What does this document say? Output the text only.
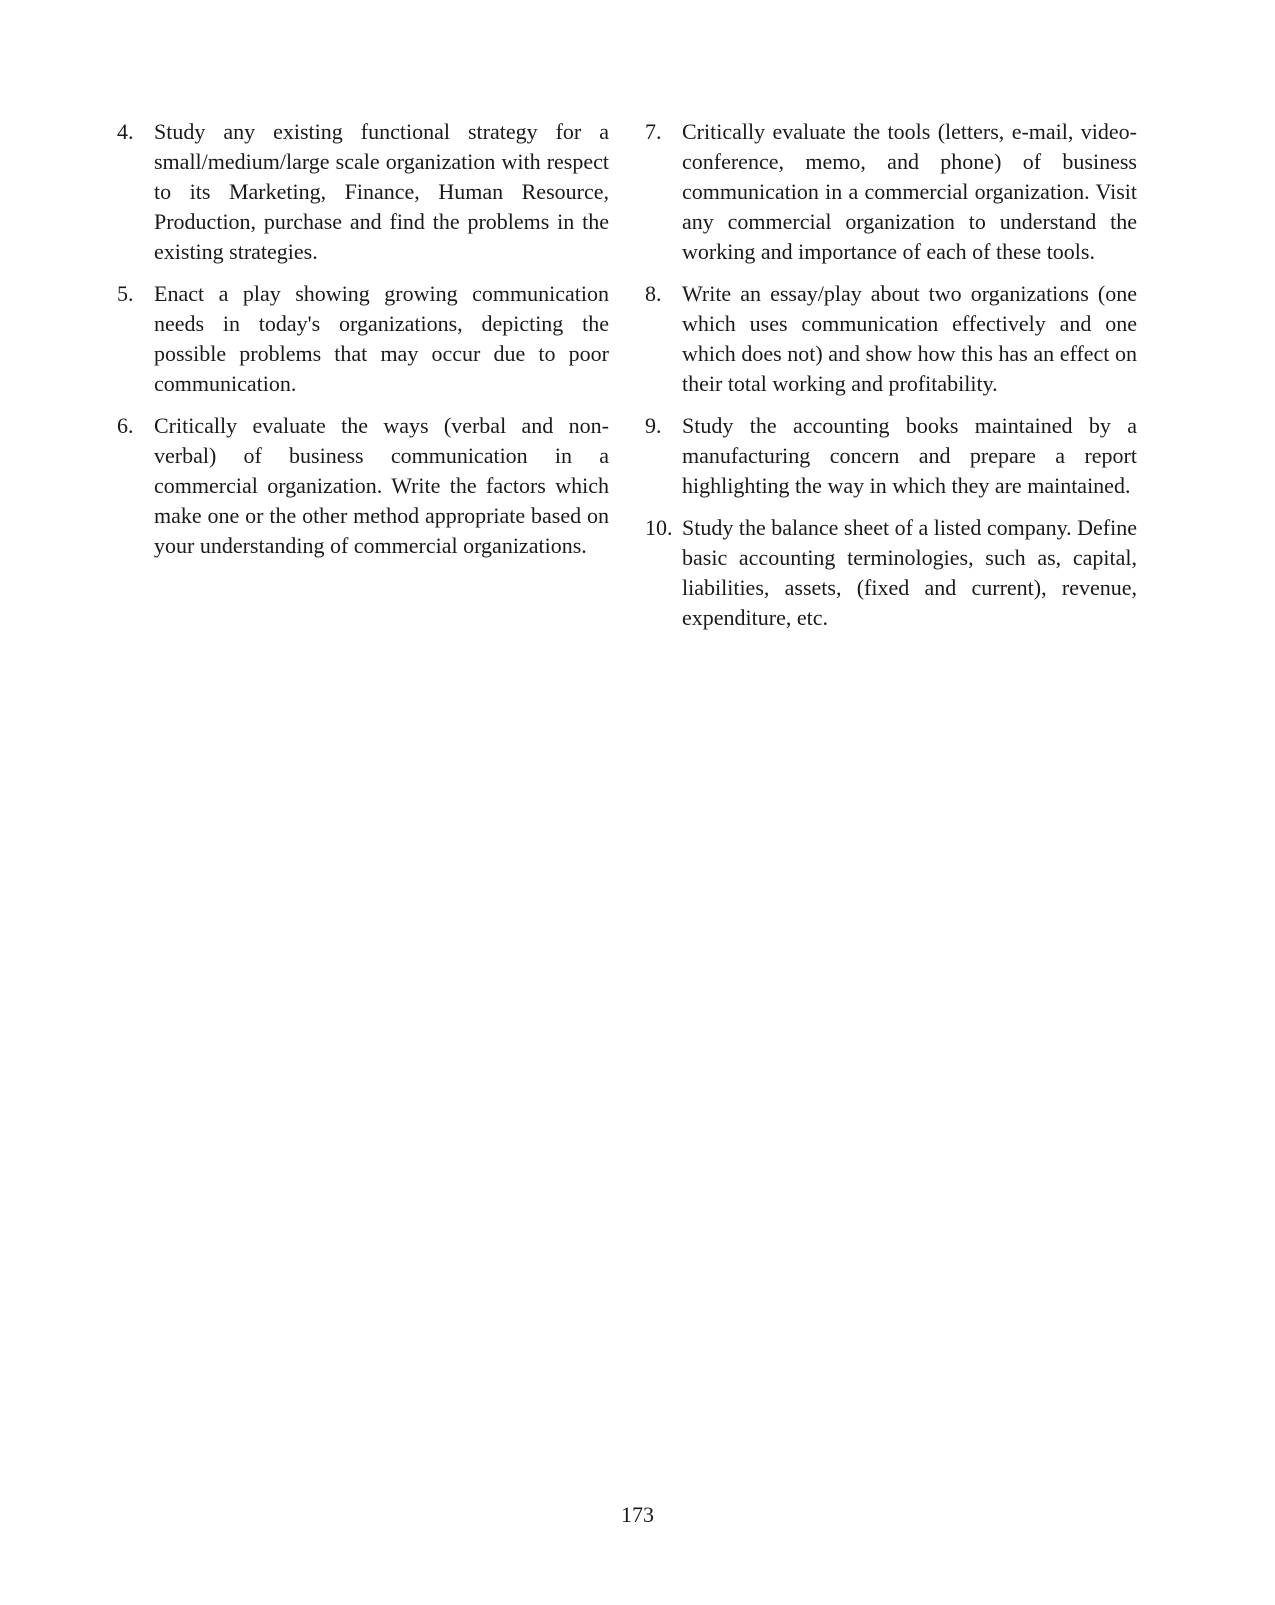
4. Study any existing functional strategy for a small/medium/large scale organization with respect to its Marketing, Finance, Human Resource, Production, purchase and find the problems in the existing strategies.
5. Enact a play showing growing communication needs in today's organizations, depicting the possible problems that may occur due to poor communication.
6. Critically evaluate the ways (verbal and non-verbal) of business communication in a commercial organization. Write the factors which make one or the other method appropriate based on your understanding of commercial organizations.
7. Critically evaluate the tools (letters, e-mail, video-conference, memo, and phone) of business communication in a commercial organization. Visit any commercial organization to understand the working and importance of each of these tools.
8. Write an essay/play about two organizations (one which uses communication effectively and one which does not) and show how this has an effect on their total working and profitability.
9. Study the accounting books maintained by a manufacturing concern and prepare a report highlighting the way in which they are maintained.
10. Study the balance sheet of a listed company. Define basic accounting terminologies, such as, capital, liabilities, assets, (fixed and current), revenue, expenditure, etc.
173
